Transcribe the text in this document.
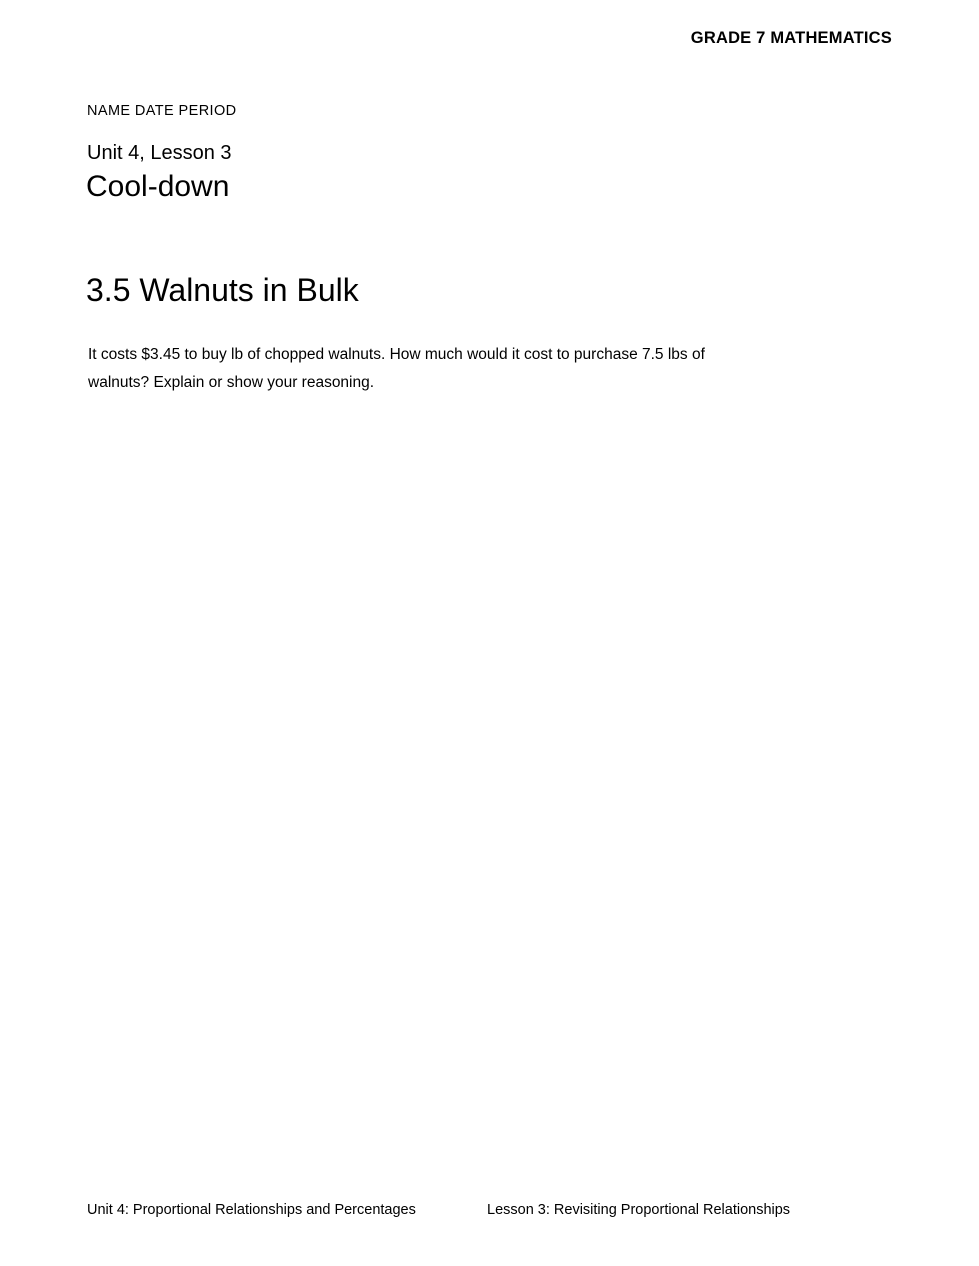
GRADE 7 MATHEMATICS
NAME DATE PERIOD
Unit 4, Lesson 3
Cool-down
3.5 Walnuts in Bulk

It costs $3.45 to buy lb of chopped walnuts. How much would it cost to purchase 7.5 lbs of walnuts? Explain or show your reasoning.

Unit 4: Proportional Relationships and Percentages	Lesson 3: Revisiting Proportional Relationships
